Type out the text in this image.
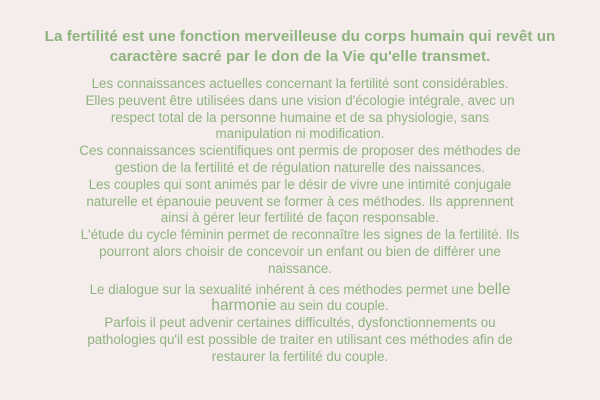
La fertilité est une fonction merveilleuse du corps humain qui revêt un
caractère sacré par le don de la Vie qu'elle transmet.
Les connaissances actuelles concernant la fertilité sont considérables.
Elles peuvent être utilisées dans une vision d'écologie intégrale, avec un
respect total de la personne humaine et de sa physiologie, sans
manipulation ni modification.
Ces connaissances scientifiques ont permis de proposer des méthodes de
gestion de la fertilité et de régulation naturelle des naissances.
Les couples qui sont animés par le désir de vivre une intimité conjugale
naturelle et épanouie peuvent se former à ces méthodes. Ils apprennent
ainsi à gérer leur fertilité de façon responsable.
L'étude du cycle féminin permet de reconnaître les signes de la fertilité. Ils
pourront alors choisir de concevoir un enfant ou bien de différer une
naissance.
Le dialogue sur la sexualité inhérent à ces méthodes permet une belle
harmonie au sein du couple.
Parfois il peut advenir certaines difficultés, dysfonctionnements ou
pathologies qu'il est possible de traiter en utilisant ces méthodes afin de
restaurer la fertilité du couple.
